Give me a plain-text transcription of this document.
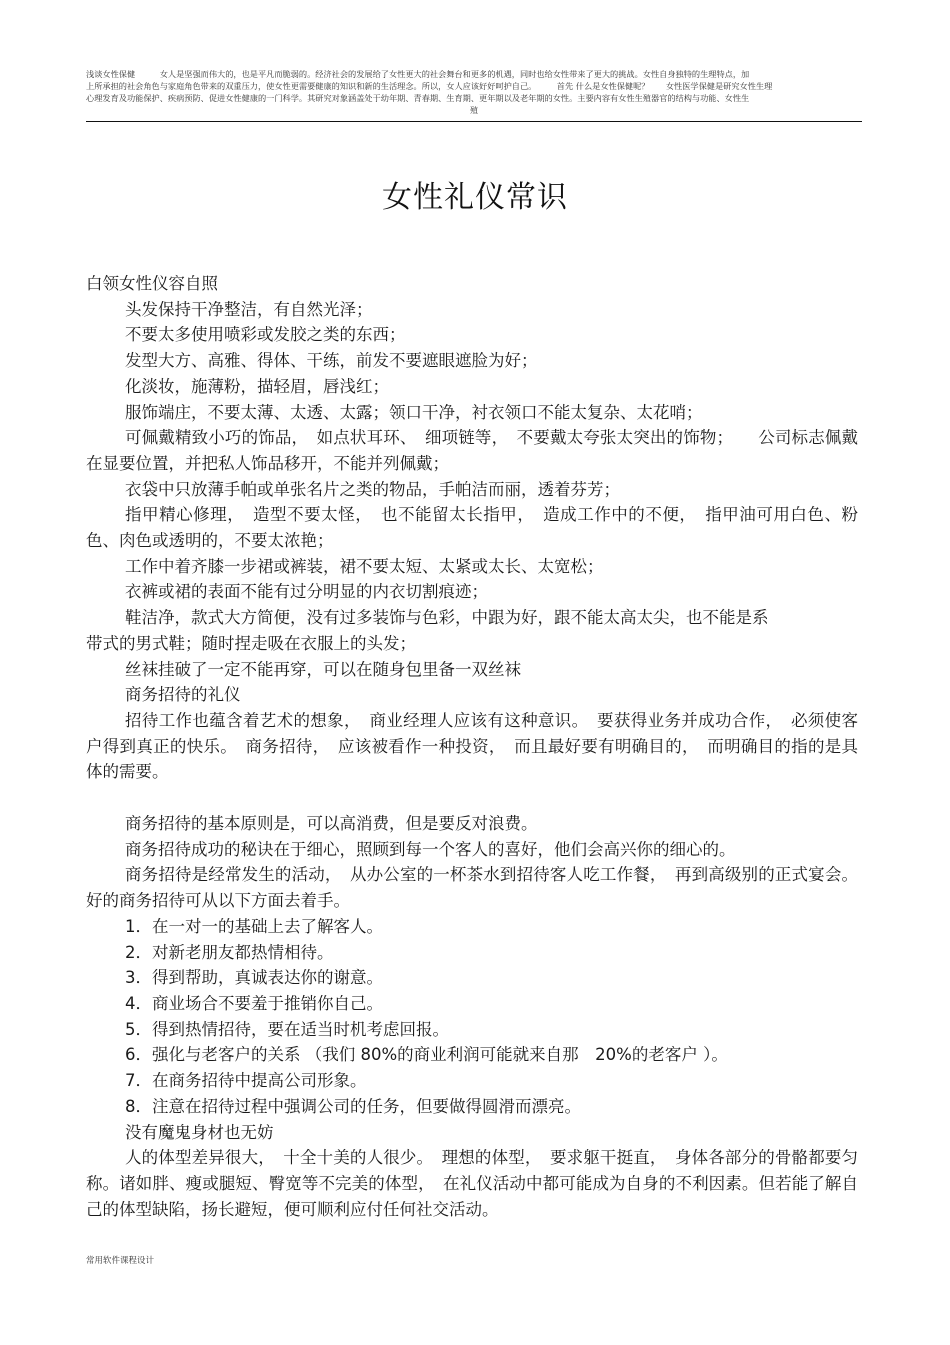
浅谈女性保健　　　女人是坚强而伟大的，也是平凡而脆弱的。经济社会的发展给了女性更大的社会舞台和更多的机遇，同时也给女性带来了更大的挑战。女性自身独特的生理特点，加

上所承担的社会角色与家庭角色带来的双重压力，使女性更需要健康的知识和新的生活理念。所以，女人应该好好呵护自己。　　　首先 什么是女性保健呢？　　女性医学保健是研究女性生理

心理发育及功能保护、疾病预防、促进女性健康的一门科学。其研究对象涵盖处于幼年期、青春期、生育期、更年期以及老年期的女性。主要内容有女性生殖器官的结构与功能、女性生

殖

女性礼仪常识

白领女性仪容自照

头发保持干净整洁，有自然光泽；

不要太多使用喷彩或发胶之类的东西；

发型大方、高雅、得体、干练，前发不要遮眼遮脸为好；

化淡妆，施薄粉，描轻眉，唇浅红；

服饰端庄，不要太薄、太透、太露；领口干净，衬衣领口不能太复杂、太花哨；

可佩戴精致小巧的饰品，　如点状耳环、　细项链等，　不要戴太夸张太突出的饰物；　　公司标志佩戴在显要位置，并把私人饰品移开，不能并列佩戴；

衣袋中只放薄手帕或单张名片之类的物品，手帕洁而丽，透着芬芳；

指甲精心修理，　造型不要太怪，　也不能留太长指甲，　造成工作中的不便，　指甲油可用白色、粉色、肉色或透明的，不要太浓艳；

工作中着齐膝一步裙或裤装，裙不要太短、太紧或太长、太宽松；

衣裤或裙的表面不能有过分明显的内衣切割痕迹；

鞋洁净，款式大方简便，没有过多装饰与色彩，中跟为好，跟不能太高太尖，也不能是系

带式的男式鞋；随时捏走吸在衣服上的头发；

丝袜挂破了一定不能再穿，可以在随身包里备一双丝袜

商务招待的礼仪

招待工作也蕴含着艺术的想象，　商业经理人应该有这种意识。　要获得业务并成功合作，　必须使客户得到真正的快乐。　商务招待，　应该被看作一种投资，　而且最好要有明确目的，　而明确目的指的是具体的需要。

商务招待的基本原则是，可以高消费，但是要反对浪费。

商务招待成功的秘诀在于细心，照顾到每一个客人的喜好，他们会高兴你的细心的。

商务招待是经常发生的活动，　从办公室的一杯茶水到招待客人吃工作餐，　再到高级别的正式宴会。好的商务招待可从以下方面去着手。

1．在一对一的基础上去了解客人。

2．对新老朋友都热情相待。

3．得到帮助，真诚表达你的谢意。

4．商业场合不要羞于推销你自己。

5．得到热情招待，要在适当时机考虑回报。

6．强化与老客户的关系 （我们 80%的商业利润可能就来自那　20%的老客户 ）。

7．在商务招待中提高公司形象。

8．注意在招待过程中强调公司的任务，但要做得圆滑而漂亮。

没有魔鬼身材也无妨

人的体型差异很大，　十全十美的人很少。　理想的体型，　要求躯干挺直，　身体各部分的骨骼都要匀称。诸如胖、瘦或腿短、臀宽等不完美的体型，　在礼仪活动中都可能成为自身的不利因素。但若能了解自己的体型缺陷，扬长避短，便可顺利应付任何社交活动。

常用软件课程设计
